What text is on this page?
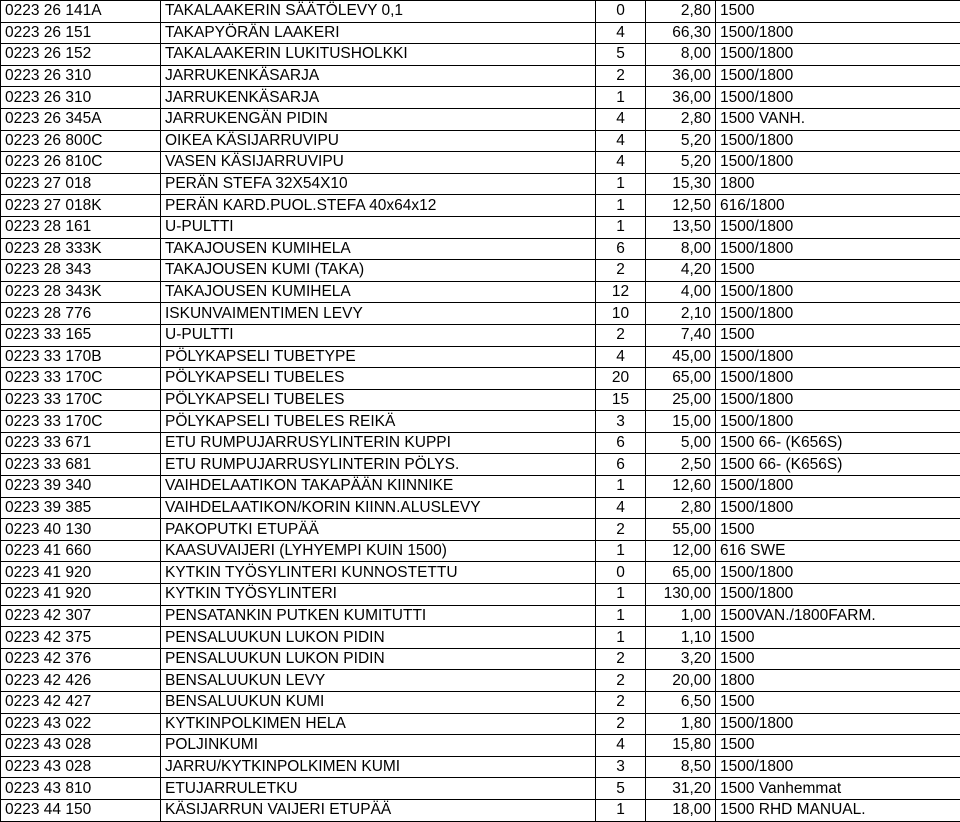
0223 26 141A	TAKALAAKERIN SÄÄTÖLEVY 0,1	0	2,80	1500
0223 26 151	TAKAPYÖRÄN LAAKERI	4	66,30	1500/1800
0223 26 152	TAKALAAKERIN LUKITUSHOLKKI	5	8,00	1500/1800
0223 26 310	JARRUKENKÄSARJA	2	36,00	1500/1800
0223 26 310	JARRUKENKÄSARJA	1	36,00	1500/1800
0223 26 345A	JARRUKENGÄN PIDIN	4	2,80	1500 VANH.
0223 26 800C	OIKEA KÄSIJARRUVIPU	4	5,20	1500/1800
0223 26 810C	VASEN KÄSIJARRUVIPU	4	5,20	1500/1800
0223 27 018	PERÄN STEFA 32X54X10	1	15,30	1800
0223 27 018K	PERÄN KARD.PUOL.STEFA 40x64x12	1	12,50	616/1800
0223 28 161	U-PULTTI	1	13,50	1500/1800
0223 28 333K	TAKAJOUSEN KUMIHELA	6	8,00	1500/1800
0223 28 343	TAKAJOUSEN KUMI (TAKA)	2	4,20	1500
0223 28 343K	TAKAJOUSEN KUMIHELA	12	4,00	1500/1800
0223 28 776	ISKUNVAIMENTIMEN LEVY	10	2,10	1500/1800
0223 33 165	U-PULTTI	2	7,40	1500
0223 33 170B	PÖLYKAPSELI TUBETYPE	4	45,00	1500/1800
0223 33 170C	PÖLYKAPSELI TUBELES	20	65,00	1500/1800
0223 33 170C	PÖLYKAPSELI TUBELES	15	25,00	1500/1800
0223 33 170C	PÖLYKAPSELI TUBELES REIKÄ	3	15,00	1500/1800
0223 33 671	ETU RUMPUJARRUSYLINTERIN KUPPI	6	5,00	1500 66- (K656S)
0223 33 681	ETU RUMPUJARRUSYLINTERIN PÖLYS.	6	2,50	1500 66- (K656S)
0223 39 340	VAIHDELAATIKON TAKAPÄÄN KIINNIKE	1	12,60	1500/1800
0223 39 385	VAIHDELAATIKON/KORIN KIINN.ALUSLEVY	4	2,80	1500/1800
0223 40 130	PAKOPUTKI ETUPÄÄ	2	55,00	1500
0223 41 660	KAASUVAIJERI (LYHYEMPI KUIN 1500)	1	12,00	616 SWE
0223 41 920	KYTKIN TYÖSYLINTERI KUNNOSTETTU	0	65,00	1500/1800
0223 41 920	KYTKIN TYÖSYLINTERI	1	130,00	1500/1800
0223 42 307	PENSATANKIN PUTKEN KUMITUTTI	1	1,00	1500VAN./1800FARM.
0223 42 375	PENSALUUKUN LUKON PIDIN	1	1,10	1500
0223 42 376	PENSALUUKUN LUKON PIDIN	2	3,20	1500
0223 42 426	BENSALUUKUN LEVY	2	20,00	1800
0223 42 427	BENSALUUKUN KUMI	2	6,50	1500
0223 43 022	KYTKINPOLKIMEN HELA	2	1,80	1500/1800
0223 43 028	POLJINKUMI	4	15,80	1500
0223 43 028	JARRU/KYTKINPOLKIMEN KUMI	3	8,50	1500/1800
0223 43 810	ETUJARRULETKU	5	31,20	1500 Vanhemmat
0223 44 150	KÄSIJARRUN VAIJERI ETUPÄÄ	1	18,00	1500 RHD MANUAL.
